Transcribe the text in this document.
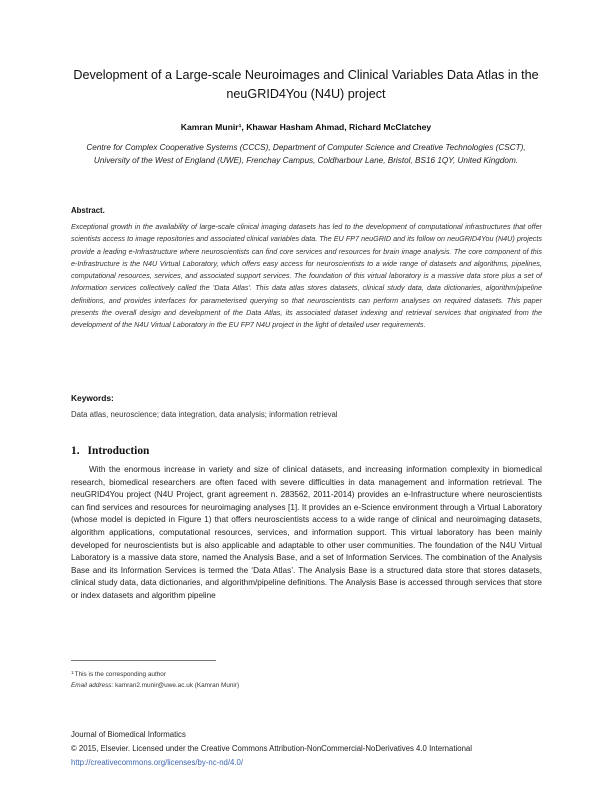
Development of a Large-scale Neuroimages and Clinical Variables Data Atlas in the neuGRID4You (N4U) project
Kamran Munir¹, Khawar Hasham Ahmad, Richard McClatchey
Centre for Complex Cooperative Systems (CCCS), Department of Computer Science and Creative Technologies (CSCT), University of the West of England (UWE), Frenchay Campus, Coldharbour Lane, Bristol, BS16 1QY, United Kingdom.
Abstract.
Exceptional growth in the availability of large-scale clinical imaging datasets has led to the development of computational infrastructures that offer scientists access to image repositories and associated clinical variables data. The EU FP7 neuGRID and its follow on neuGRID4You (N4U) projects provide a leading e-Infrastructure where neuroscientists can find core services and resources for brain image analysis. The core component of this e-Infrastructure is the N4U Virtual Laboratory, which offers easy access for neuroscientists to a wide range of datasets and algorithms, pipelines, computational resources, services, and associated support services. The foundation of this virtual laboratory is a massive data store plus a set of Information services collectively called the ‘Data Atlas’. This data atlas stores datasets, clinical study data, data dictionaries, algorithm/pipeline definitions, and provides interfaces for parameterised querying so that neuroscientists can perform analyses on required datasets. This paper presents the overall design and development of the Data Atlas, its associated dataset indexing and retrieval services that originated from the development of the N4U Virtual Laboratory in the EU FP7 N4U project in the light of detailed user requirements.
Keywords:
Data atlas, neuroscience; data integration, data analysis; information retrieval
1. Introduction
With the enormous increase in variety and size of clinical datasets, and increasing information complexity in biomedical research, biomedical researchers are often faced with severe difficulties in data management and information retrieval. The neuGRID4You project (N4U Project, grant agreement n. 283562, 2011-2014) provides an e-Infrastructure where neuroscientists can find services and resources for neuroimaging analyses [1]. It provides an e-Science environment through a Virtual Laboratory (whose model is depicted in Figure 1) that offers neuroscientists access to a wide range of clinical and neuroimaging datasets, algorithm applications, computational resources, services, and information support. This virtual laboratory has been mainly developed for neuroscientists but is also applicable and adaptable to other user communities. The foundation of the N4U Virtual Laboratory is a massive data store, named the Analysis Base, and a set of Information Services. The combination of the Analysis Base and its Information Services is termed the ‘Data Atlas’. The Analysis Base is a structured data store that stores datasets, clinical study data, data dictionaries, and algorithm/pipeline definitions. The Analysis Base is accessed through services that store or index datasets and algorithm pipeline
$^1$This is the corresponding author
Email address: kamran2.munir@uwe.ac.uk (Kamran Munir)
Journal of Biomedical Informatics
© 2015, Elsevier. Licensed under the Creative Commons Attribution-NonCommercial-NoDerivatives 4.0 International
http://creativecommons.org/licenses/by-nc-nd/4.0/
